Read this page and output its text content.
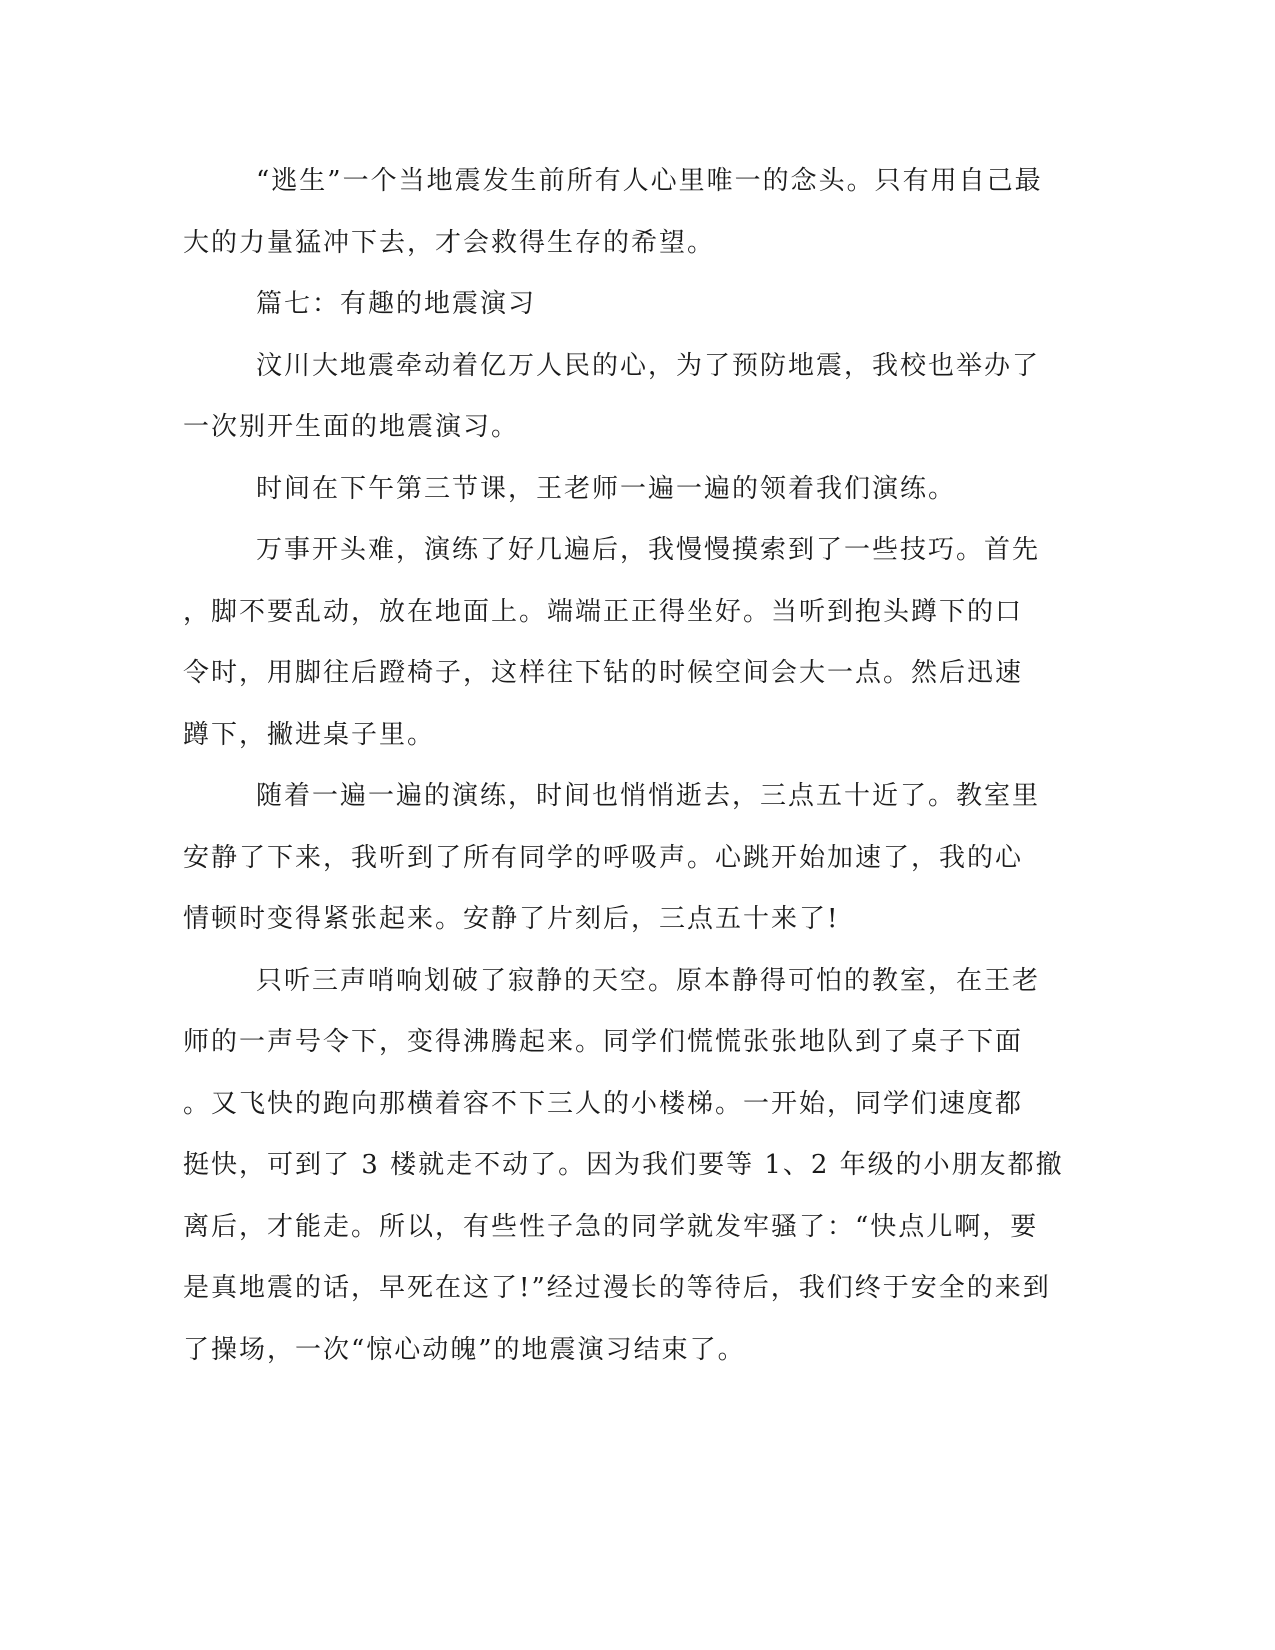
“逃生”一个当地震发生前所有人心里唯一的念头。只有用自己最
大的力量猛冲下去，才会救得生存的希望。
篇七：有趣的地震演习
汶川大地震牵动着亿万人民的心，为了预防地震，我校也举办了
一次别开生面的地震演习。
时间在下午第三节课，王老师一遍一遍的领着我们演练。
万事开头难，演练了好几遍后，我慢慢摸索到了一些技巧。首先
，脚不要乱动，放在地面上。端端正正得坐好。当听到抱头蹲下的口
令时，用脚往后蹬椅子，这样往下钻的时候空间会大一点。然后迅速
蹲下，撇进桌子里。
随着一遍一遍的演练，时间也悄悄逝去，三点五十近了。教室里
安静了下来，我听到了所有同学的呼吸声。心跳开始加速了，我的心
情顿时变得紧张起来。安静了片刻后，三点五十来了!
只听三声哨响划破了寂静的天空。原本静得可怕的教室，在王老
师的一声号令下，变得沸腾起来。同学们慌慌张张地队到了桌子下面
。又飞快的跑向那横着容不下三人的小楼梯。一开始，同学们速度都
挺快，可到了 3 楼就走不动了。因为我们要等 1、2 年级的小朋友都撤
离后，才能走。所以，有些性子急的同学就发牢骚了：“快点儿啊，要
是真地震的话，早死在这了!”经过漫长的等待后，我们终于安全的来到
了操场，一次“惊心动魄”的地震演习结束了。
